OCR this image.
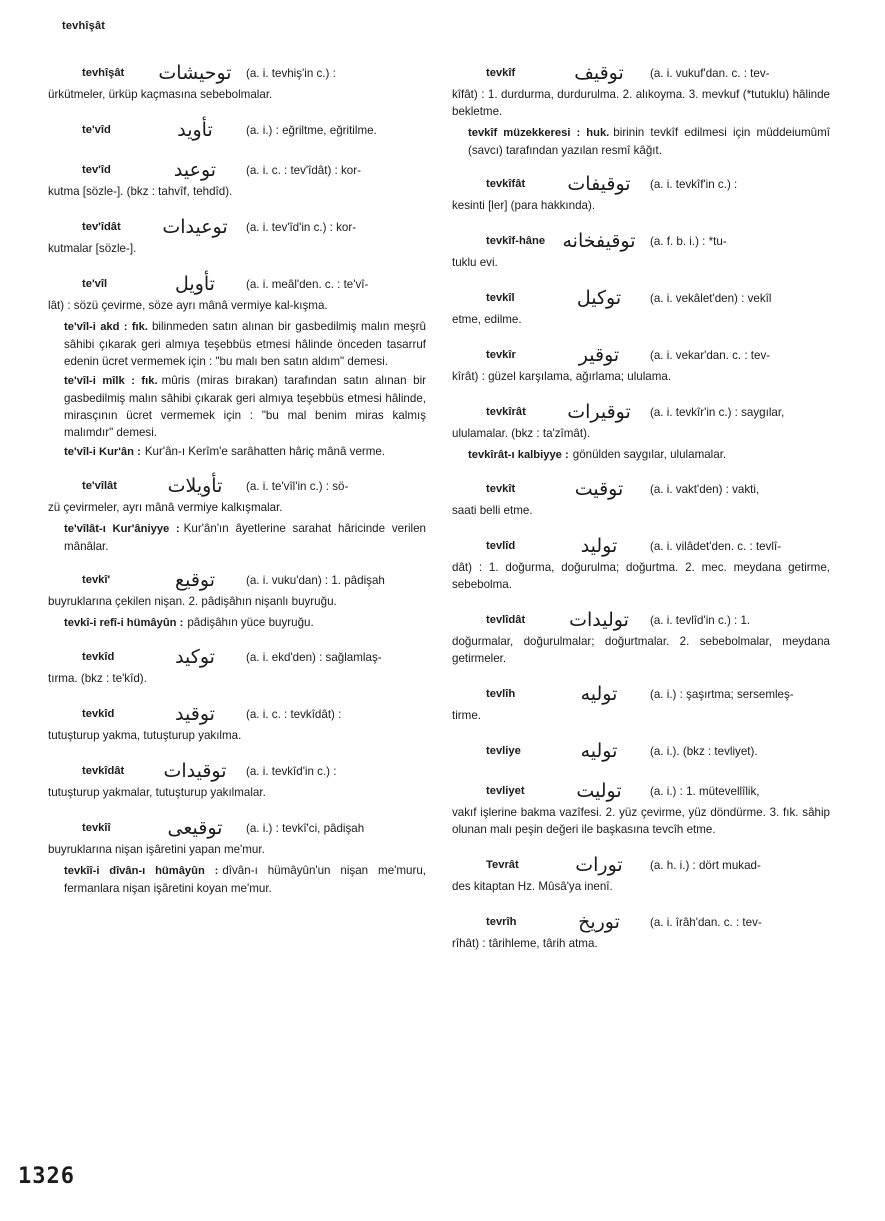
tevhîşât
tevhîşât	توحيشات (a. i. tevhiş'in c.) :
ürkütmeler, ürküp kaçmasına sebebolmalar.
te'vîd	تأويد	(a. i.) : eğriltme, eğritilme.
tev'îd	توعيد	(a. i. c. : tev'îdât) : kor-
kutma [sözle-]. (bkz : tahvîf, tehdîd).
tev'îdât	توعيدات	(a. i. tev'îd'in c.) : kor-
kutmalar [sözle-].
te'vîl	تأويل	(a. i. meâl'den. c. : te'vî-
lât) : sözü çevirme, söze ayrı mânâ vermiye kal-kışma.
te'vîl-i akd : fık. bilinmeden satın alınan bir gasbedilmiş malın meşrû sâhibi çıkarak geri almıya teşebbüs etmesi hâlinde önceden tasarruf edenin ücret vermemek için : "bu malı ben satın aldım" demesi.
te'vîl-i mîlk : fık. mûris (miras bırakan) tarafından satın alınan bir gasbedilmiş malın sâhibi çıkarak geri almıya teşebbüs etmesi hâlinde, mirasçının ücret vermemek için : "bu mal benim miras kalmış malımdır" demesi.
te'vîl-i Kur'ân : Kur'ân-ı Kerîm'e sarâhatten hâriç mânâ verme.
te'vîlât	تأويلات	(a. i. te'vîl'in c.) : sö-
zü çevirmeler, ayrı mânâ vermiye kalkışmalar.
te'vîlât-ı Kur'âniyye : Kur'ân'ın âyetlerine sarahat hâricinde verilen mânâlar.
tevkî'	توقيع	(a. i. vuku'dan) : 1. pâdişah
buyruklarına çekilen nişan. 2. pâdişâhın nişanlı buyruğu.
tevkî-i refî-i hümâyûn : pâdişâhın yüce buyruğu.
tevkîd	توكيد	(a. i. ekd'den) : sağlamlaş-
tırma. (bkz : te'kîd).
tevkîd	توقيد	(a. i. c. : tevkîdât) :
tutuşturup yakma, tutuşturup yakılma.
tevkîdât	توقيدات	(a. i. tevkîd'in c.) :
tutuşturup yakmalar, tutuşturup yakılmalar.
tevkîî	توقيعى	(a. i.) : tevkî'ci, pâdişah
buyruklarına nişan işâretini yapan me'mur.
tevkîî-i dîvân-ı hümâyûn : dîvân-ı hümâyûn'un nişan me'muru, fermanlara nişan işâretini koyan me'mur.
tevkîf	توقيف	(a. i. vukuf'dan. c. : tev-
kîfât) : 1. durdurma, durdurulma. 2. alıkoyma. 3. mevkuf (*tutuklu) hâlinde bekletme.
tevkîf müzekkeresi : huk. birinin tevkîf edilmesi için müddeiumûmî (savcı) tarafından yazılan resmî kâğıt.
tevkîfât	توقيفات	(a. i. tevkîf'in c.) :
kesinti [ler] (para hakkında).
tevkîf-hâne توقيفخانه (a. f. b. i.) : *tu-
tuklu evi.
tevkîl	توكيل	(a. i. vekâlet'den) : vekîl
etme, edilme.
tevkîr	توقير	(a. i. vekar'dan. c. : tev-
kîrât) : güzel karşılama, ağırlama; ululama.
tevkîrât	توقيرات	(a. i. tevkîr'in c.) : saygılar,
ululamalar. (bkz : ta'zîmât).
tevkîrât-ı kalbiyye : gönülden saygılar, ululamalar.
tevkît	توقيت	(a. i. vakt'den) : vakti,
saati belli etme.
tevlîd	توليد	(a. i. vilâdet'den. c. : tevlî-
dât) : 1. doğurma, doğurulma; doğurtma. 2. mec. meydana getirme, sebebolma.
tevlîdât	توليدات	(a. i. tevlîd'in c.) : 1.
doğurmalar, doğurulmalar; doğurtmalar. 2. sebebolmalar, meydana getirmeler.
tevlîh	توليه	(a. i.) : şaşırtma; sersemleş-
tirme.
tevliye	توليه	(a. i.). (bkz : tevliyet).
tevliyet	توليت	(a. i.) : 1. mütevellîlik,
vakıf işlerine bakma vazîfesi. 2. yüz çevirme, yüz döndürme. 3. fık. sâhip olunan malı peşin değeri ile başkasına tevcîh etme.
Tevrât	تورات	(a. h. i.) : dört mukad-
des kitaptan Hz. Mûsâ'ya inenî.
tevrîh	توريخ	(a. i. îrâh'dan. c. : tev-
rîhât) : târihleme, târih atma.
1326
